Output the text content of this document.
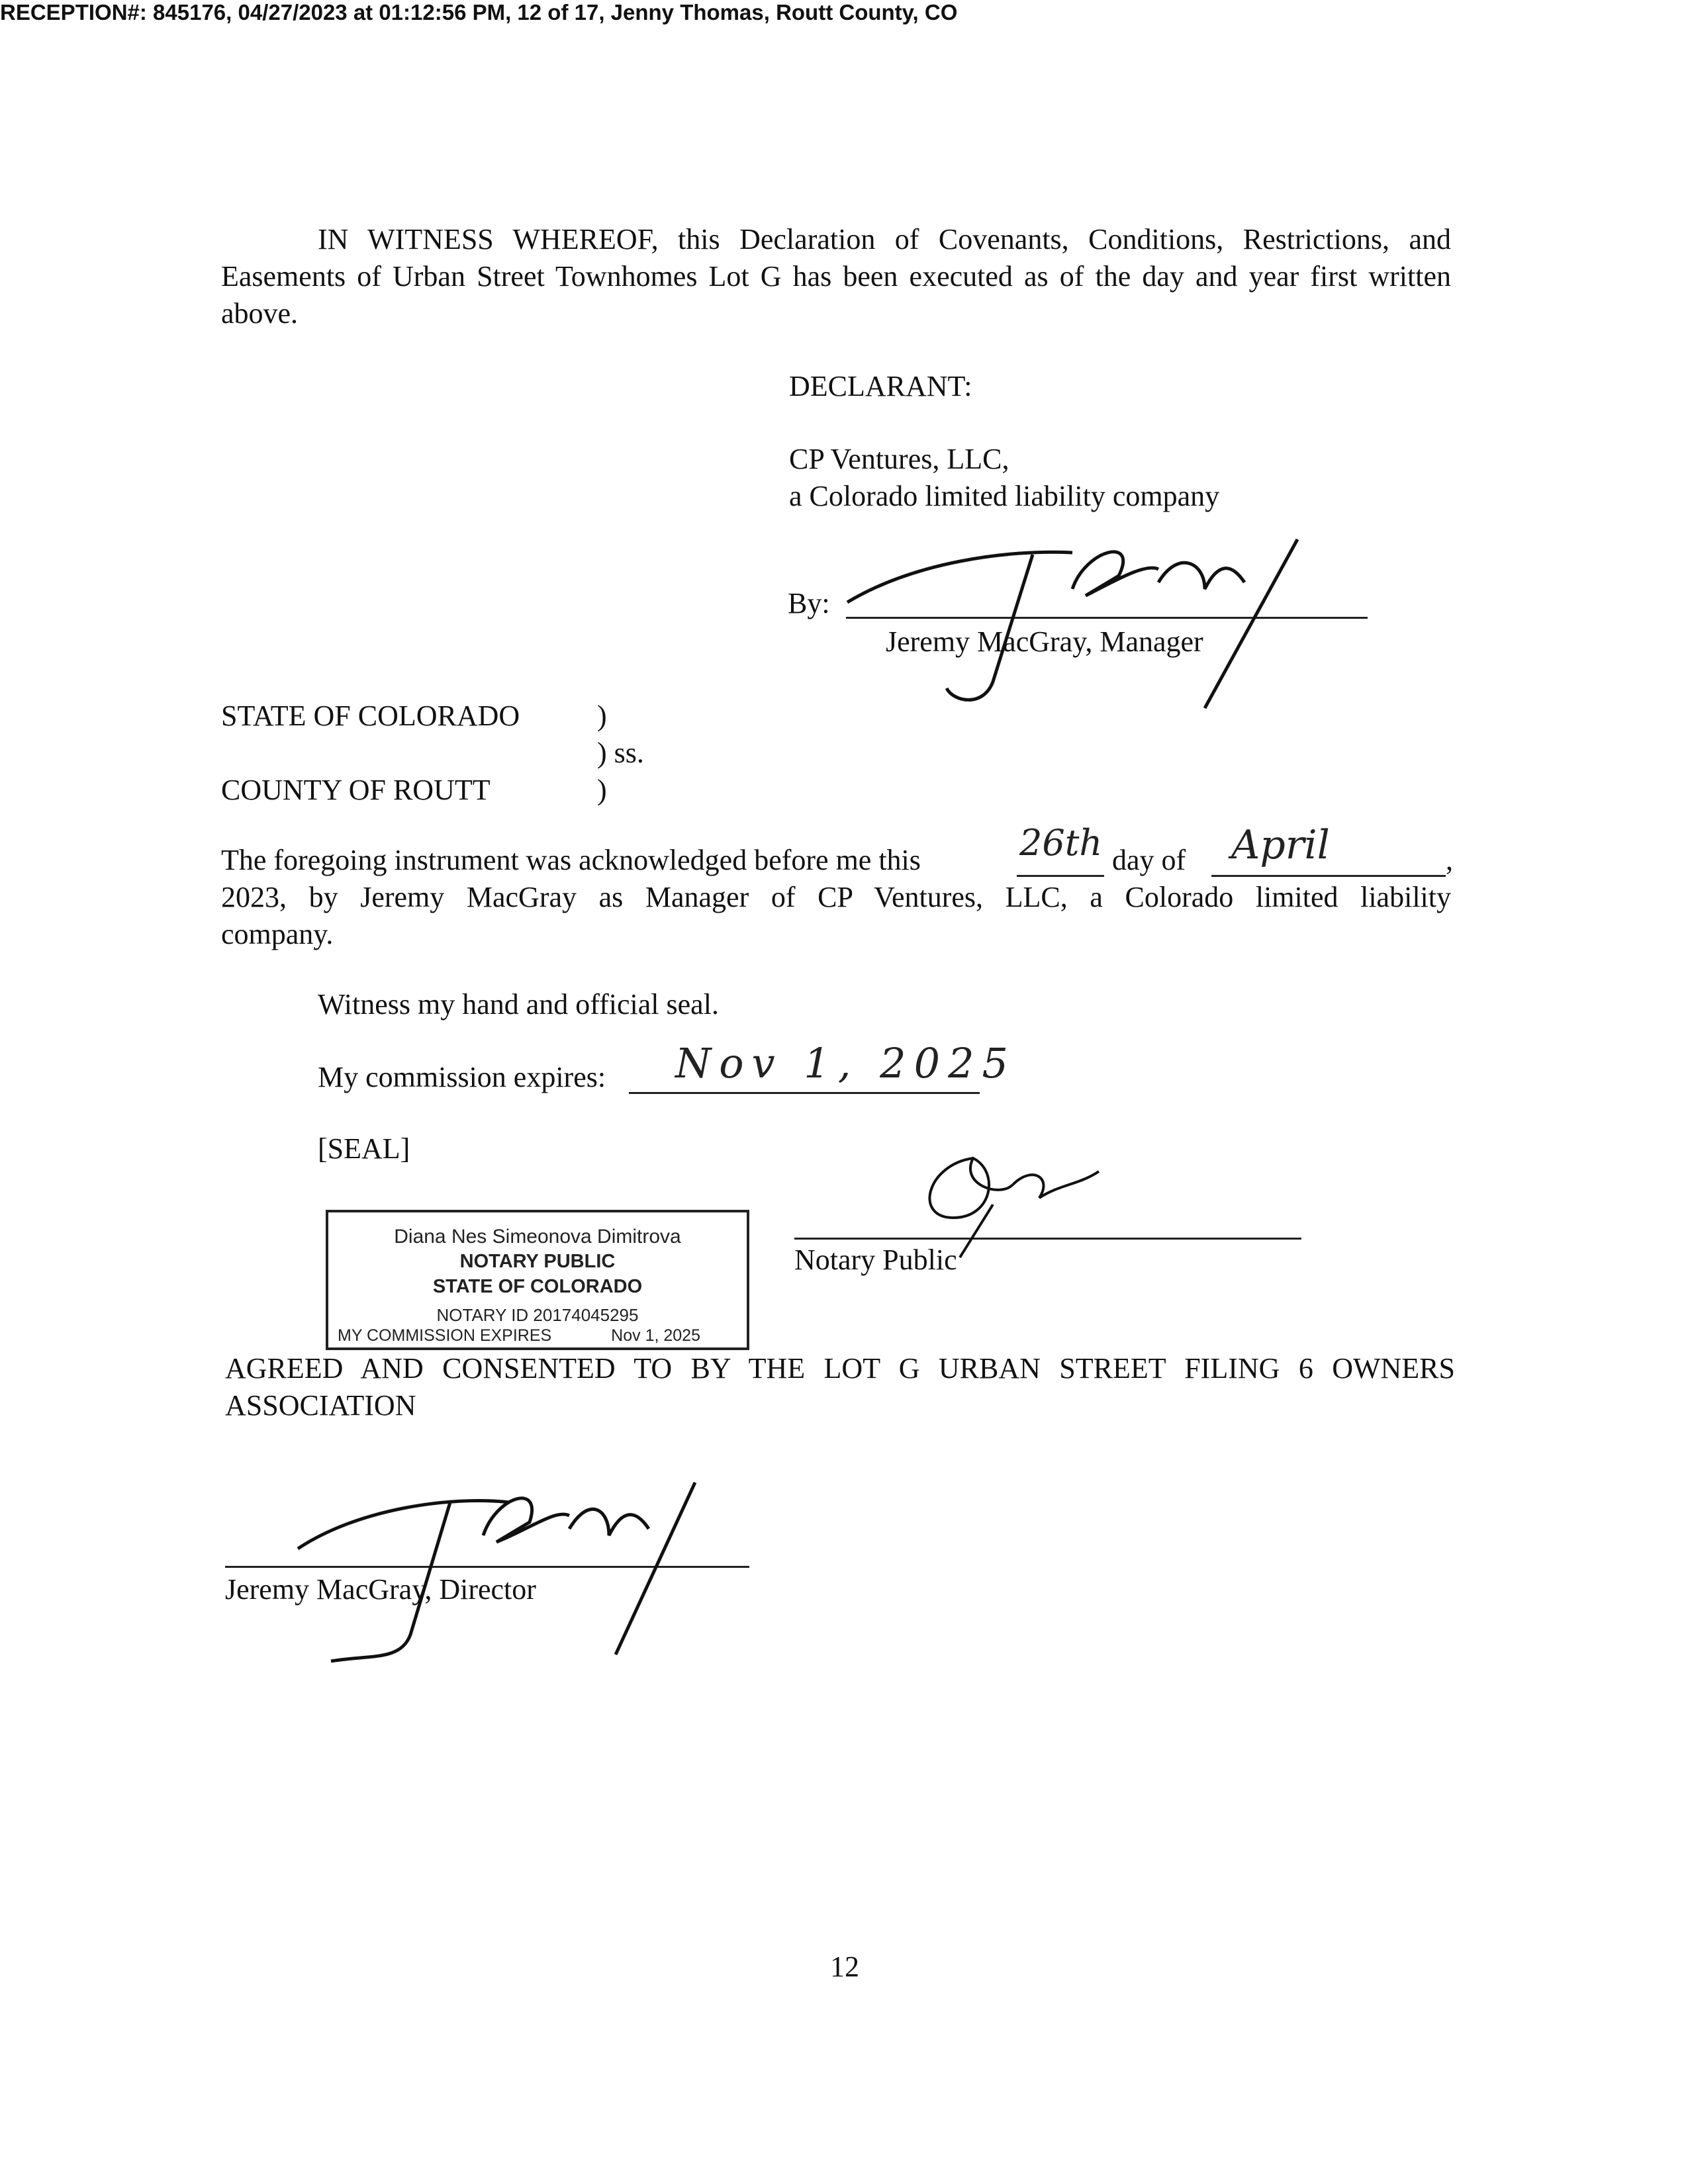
RECEPTION#: 845176, 04/27/2023 at 01:12:56 PM, 12 of 17, Jenny Thomas, Routt County, CO
IN WITNESS WHEREOF, this Declaration of Covenants, Conditions, Restrictions, and Easements of Urban Street Townhomes Lot G has been executed as of the day and year first written above.
DECLARANT:
CP Ventures, LLC,
a Colorado limited liability company
By:
Jeremy MacGray, Manager
STATE OF COLORADO	)
) ss.
COUNTY OF ROUTT	)
The foregoing instrument was acknowledged before me this	26th day of April	,
2023, by Jeremy MacGray as Manager of CP Ventures, LLC, a Colorado limited liability
company.
Witness my hand and official seal.
My commission expires: Nov 1, 2025
[SEAL]
Diana Nes Simeonova Dimitrova
NOTARY PUBLIC
STATE OF COLORADO
NOTARY ID 20174045295
MY COMMISSION EXPIRES	Nov 1, 2025
Notary Public
AGREED AND CONSENTED TO BY THE LOT G URBAN STREET FILING 6 OWNERS
ASSOCIATION
Jeremy MacGray, Director
12
